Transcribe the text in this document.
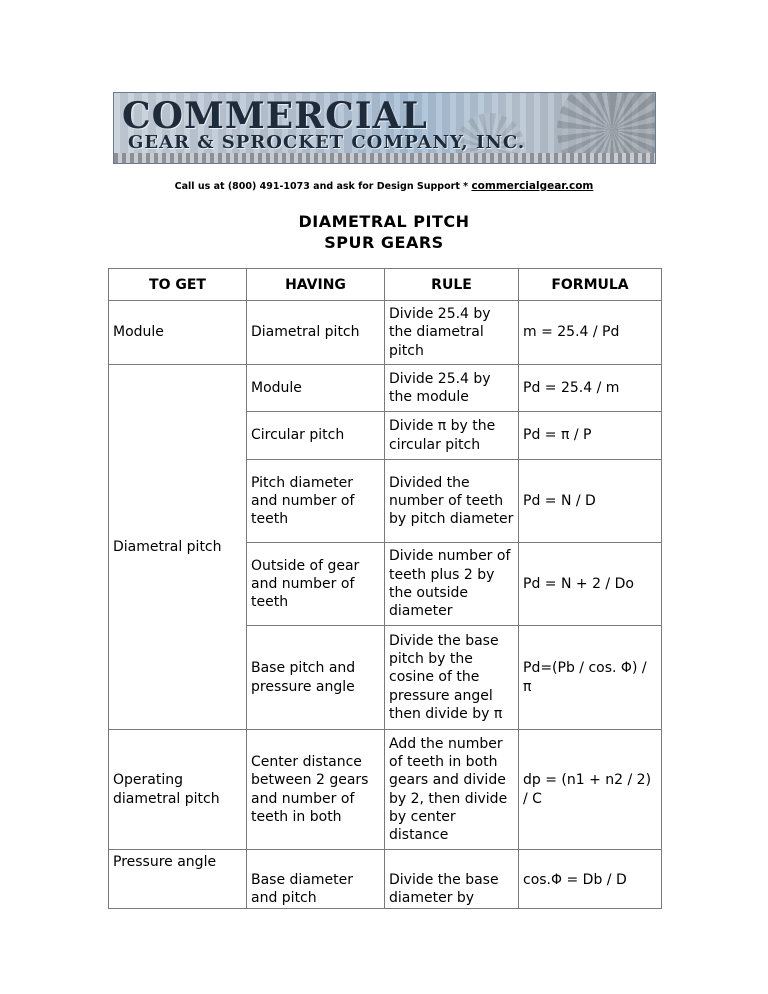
COMMERCIAL
GEAR & SPROCKET COMPANY, INC.
Call us at (800) 491-1073 and ask for Design Support * commercialgear.com
DIAMETRAL PITCH
SPUR GEARS
TO GET	HAVING	RULE	FORMULA
Module	Diametral pitch	Divide 25.4 by the diametral pitch	m = 25.4 / Pd
Diametral pitch	Module	Divide 25.4 by the module	Pd = 25.4 / m
	Circular pitch	Divide π by the circular pitch	Pd = π / P
	Pitch diameter and number of teeth	Divided the number of teeth by pitch diameter	Pd = N / D
	Outside of gear and number of teeth	Divide number of teeth plus 2 by the outside diameter	Pd = N + 2 / Do
	Base pitch and pressure angle	Divide the base pitch by the cosine of the pressure angel then divide by π	Pd=(Pb / cos. Φ) / π
Operating diametral pitch	Center distance between 2 gears and number of teeth in both	Add the number of teeth in both gears and divide by 2, then divide by center distance	dp = (n1 + n2 / 2) / C
Pressure angle	Base diameter and pitch	Divide the base diameter by	cos.Φ = Db / D
